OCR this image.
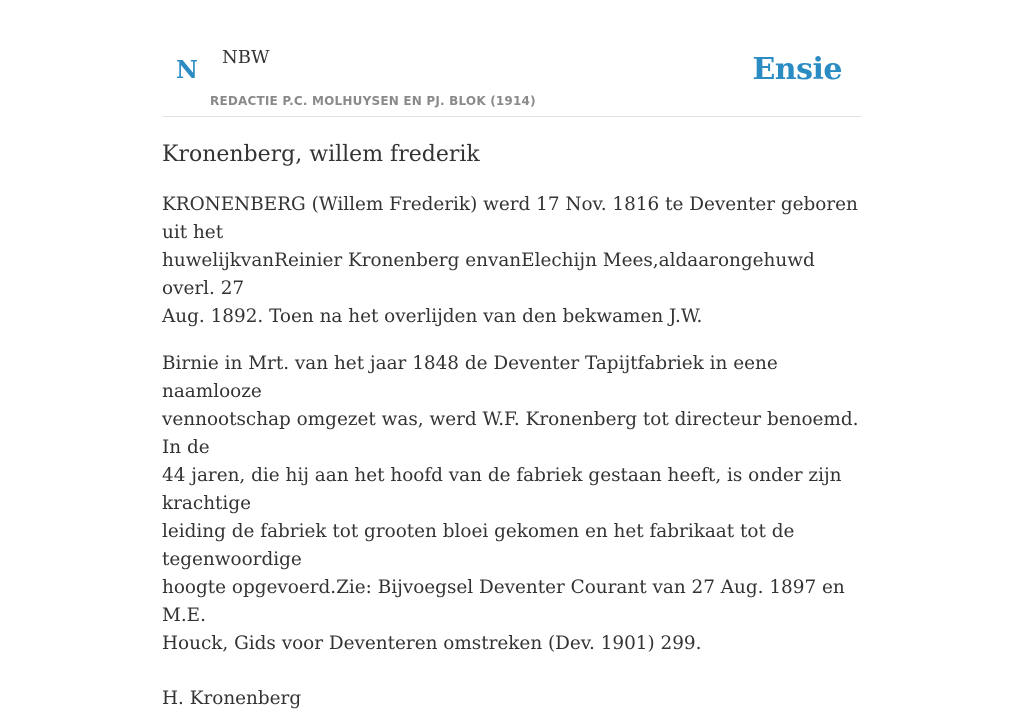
N NBW
REDACTIE P.C. MOLHUYSEN EN PJ. BLOK (1914)
Ensie
Kronenberg, willem frederik

KRONENBERG (Willem Frederik) werd 17 Nov. 1816 te Deventer geboren uit het
huwelijkvanReinier Kronenberg envanElechijn Mees,aldaarongehuwd overl. 27
Aug. 1892. Toen na het overlijden van den bekwamen J.W.

Birnie in Mrt. van het jaar 1848 de Deventer Tapijtfabriek in eene naamlooze
vennootschap omgezet was, werd W.F. Kronenberg tot directeur benoemd. In de
44 jaren, die hij aan het hoofd van de fabriek gestaan heeft, is onder zijn krachtige
leiding de fabriek tot grooten bloei gekomen en het fabrikaat tot de tegenwoordige
hoogte opgevoerd.Zie: Bijvoegsel Deventer Courant van 27 Aug. 1897 en M.E.
Houck, Gids voor Deventeren omstreken (Dev. 1901) 299.

H. Kronenberg
